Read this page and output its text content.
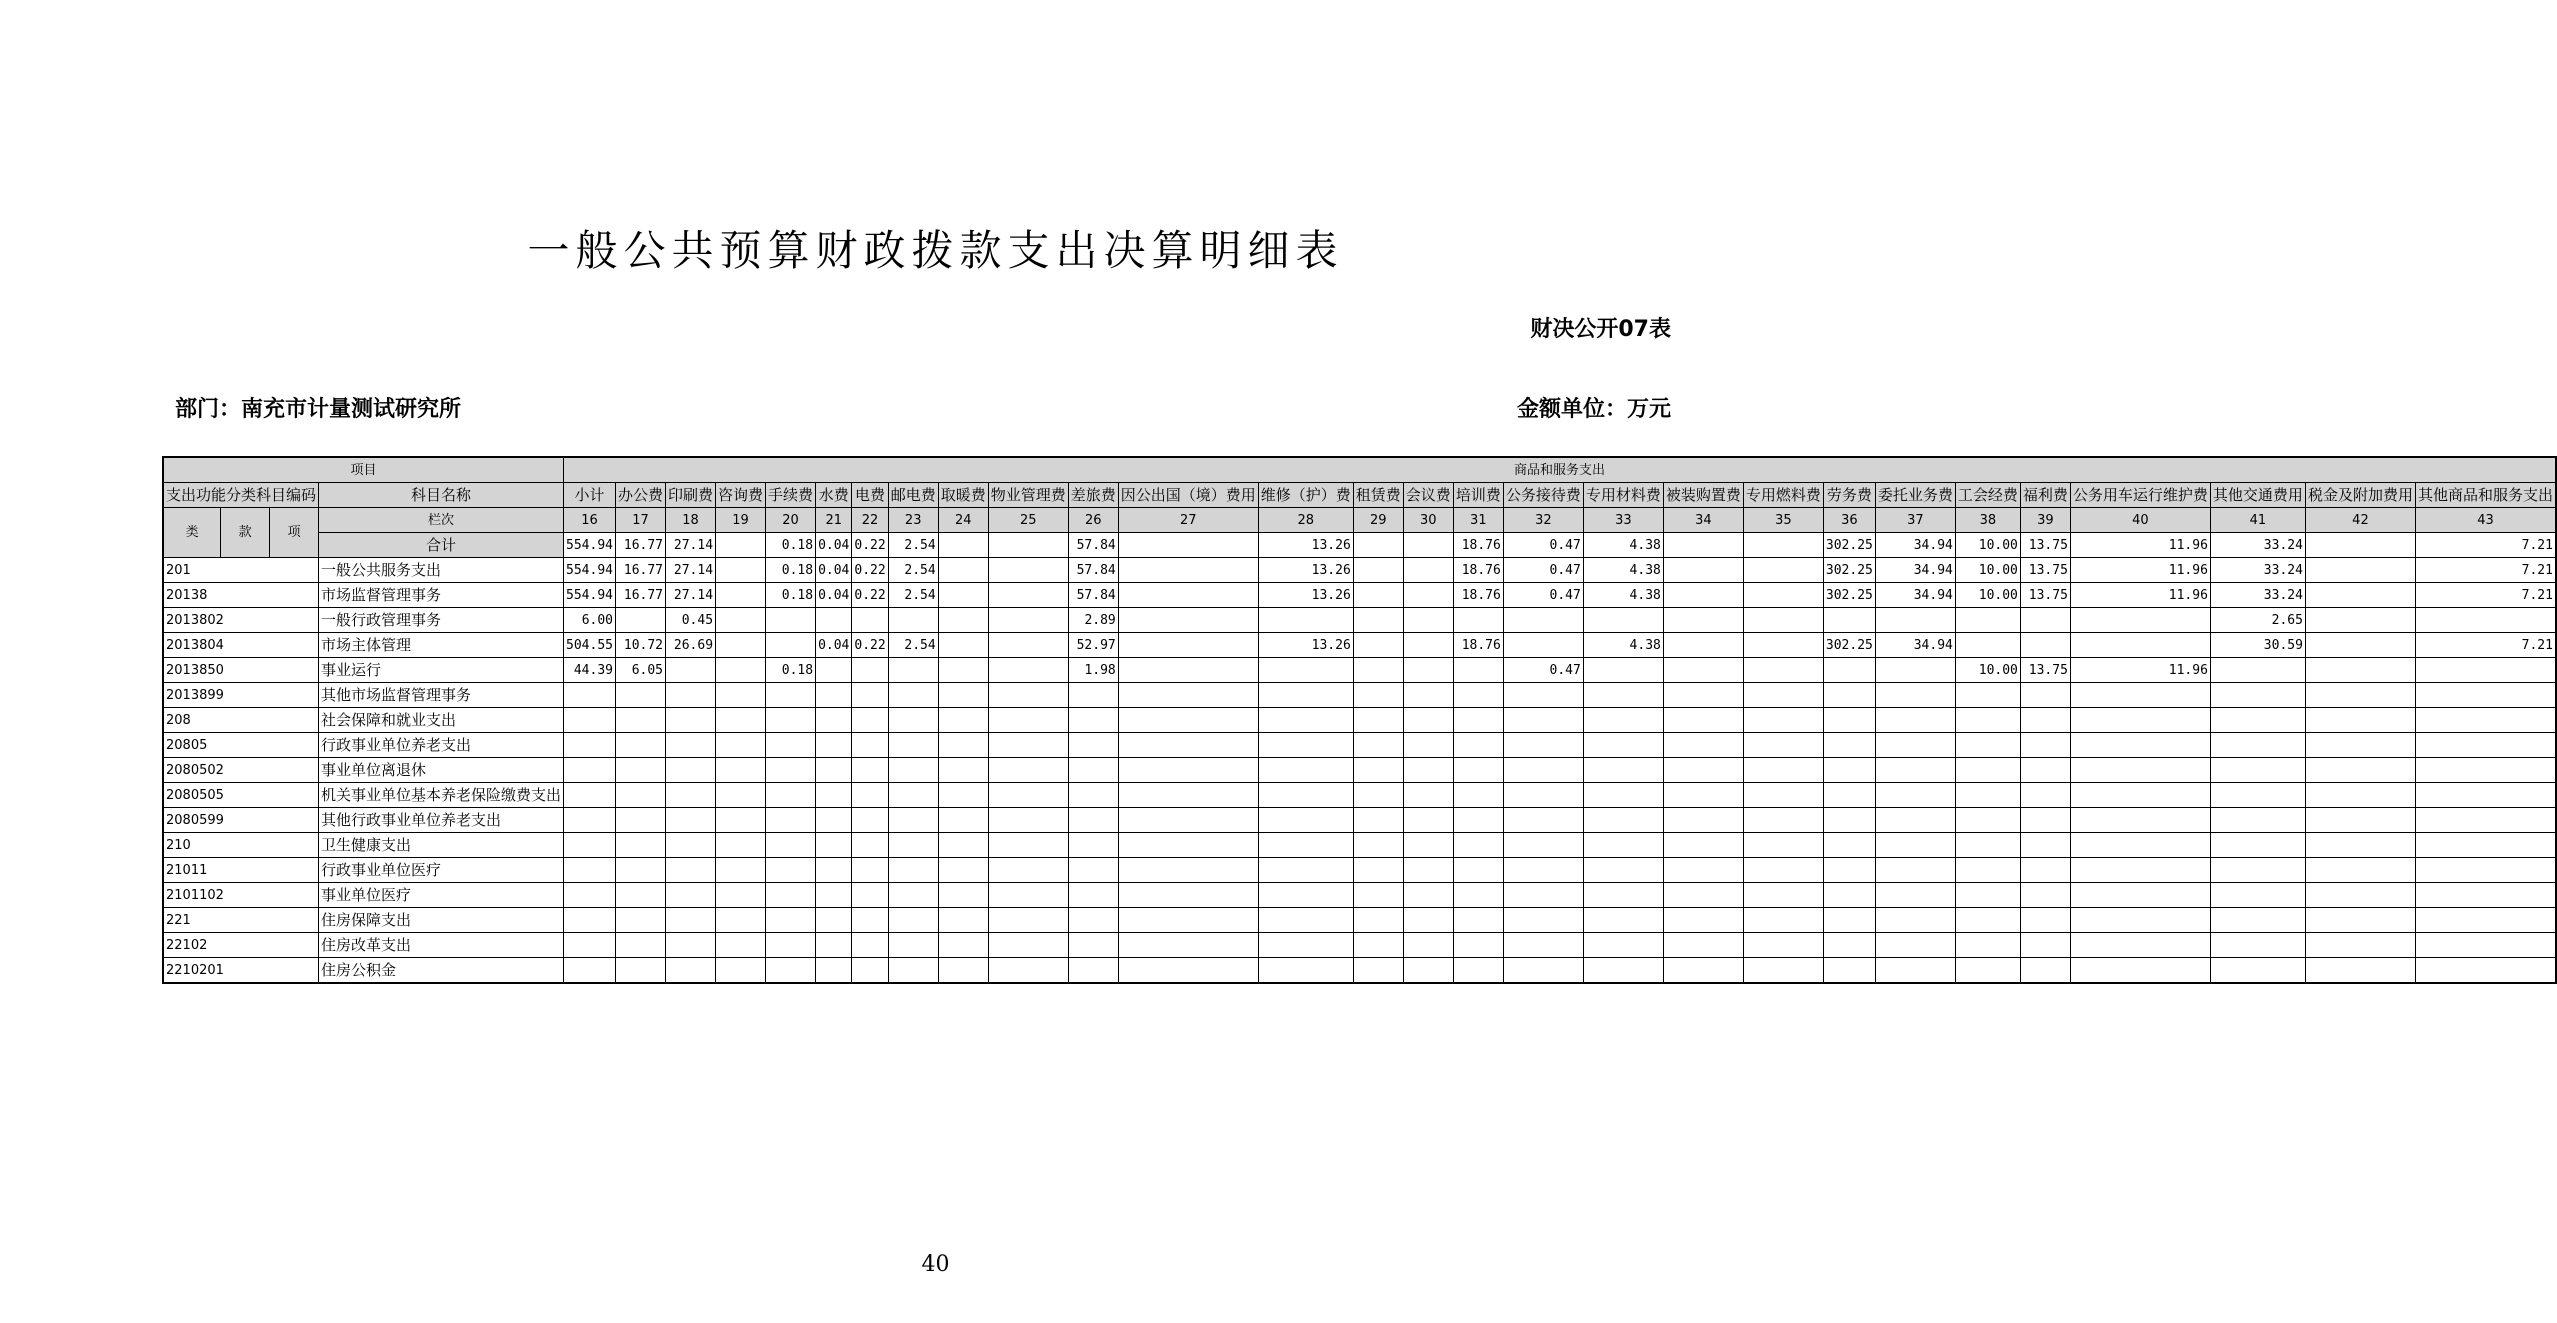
一般公共预算财政拨款支出决算明细表
财决公开07表
部门：南充市计量测试研究所	金额单位：万元
项目				商品和服务支出																											
支出功能分类科目编码			科目名称	小计	办公费	印刷费	咨询费	手续费	水费	电费	邮电费	取暖费	物业管理费	差旅费	因公出国（境）费用	维修（护）费	租赁费	会议费	培训费	公务接待费	专用材料费	被装购置费	专用燃料费	劳务费	委托业务费	工会经费	福利费	公务用车运行维护费	其他交通费用	税金及附加费用	其他商品和服务支出
类	款	项	栏次	16	17	18	19	20	21	22	23	24	25	26	27	28	29	30	31	32	33	34	35	36	37	38	39	40	41	42	43
			合计	554.94	16.77	27.14		0.18	0.04	0.22	2.54			57.84		13.26			18.76	0.47	4.38			302.25	34.94	10.00	13.75	11.96	33.24		7.21
201			一般公共服务支出	554.94	16.77	27.14		0.18	0.04	0.22	2.54			57.84		13.26			18.76	0.47	4.38			302.25	34.94	10.00	13.75	11.96	33.24		7.21
20138			市场监督管理事务	554.94	16.77	27.14		0.18	0.04	0.22	2.54			57.84		13.26			18.76	0.47	4.38			302.25	34.94	10.00	13.75	11.96	33.24		7.21
2013802			一般行政管理事务	6.00		0.45								2.89															2.65		
2013804			市场主体管理	504.55	10.72	26.69			0.04	0.22	2.54			52.97		13.26			18.76		4.38			302.25	34.94				30.59		7.21
2013850			事业运行	44.39	6.05			0.18						1.98						0.47						10.00	13.75	11.96			
2013899			其他市场监督管理事务																												
208			社会保障和就业支出																												
20805			行政事业单位养老支出																												
2080502			事业单位离退休																												
2080505			机关事业单位基本养老保险缴费支出																												
2080599			其他行政事业单位养老支出																												
210			卫生健康支出																												
21011			行政事业单位医疗																												
2101102			事业单位医疗																												
221			住房保障支出																												
22102			住房改革支出																												
2210201			住房公积金																												
40
